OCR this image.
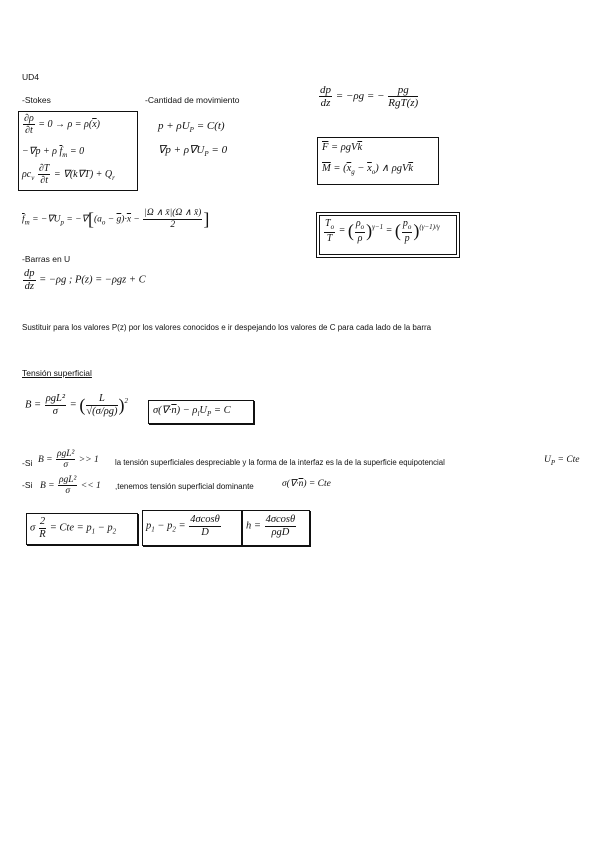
UD4
-Stokes	-Cantidad de movimiento	$\frac{dp}{dz} = -\rho g$ = − $\frac{pg}{\text{RgT(z)}}$
$\frac{\partial\rho}{\partial t} = 0 \to \rho = \rho(\overline{x})$
−∇p + ρ $\overline{f}_m = 0$
$\rho c_v \frac{\partial T}{\partial t} = \nabla(k\nabla T) + Q_r$
$p + \rho U_P = C(t)$
$\nabla p + \rho\nabla U_P = 0$	$\overline{F} = \rho gV\overline{k}$
$\overline{M} = (\overline{x}_g - \overline{x}_o)$ ∧ $\rho gV\overline{k}$
$\overline{f}_m = -\nabla U_p = -\nabla[(a_o - \overline{g})\cdot\overline{x} - \frac{|\Omega \wedge x̄|(\Omega \wedge x̄)}{2}$ ]	$\frac{T_o}{T}$ = ( $\frac{\rho_o}{\rho} )^{\gamma-1}$ = ( $\frac{p_o}{p} )^{(\gamma-1)/\gamma}$
-Barras en U
$\frac{dp}{dz} = -\rho g$ ; P(z) = −ρgz + C
Sustituir para los valores P(z) por los valores conocidos e ir despejando los valores de C para cada lado de la barra
Tensión superficial
$B = \frac{\text{ρgL²}}{\sigma}$ = ( $\frac{L}{√(\sigma/\rho g)} )^2$
$\sigma(\nabla\cdot\overline{n}) - \rho_lU_P = C$
-Si $B = \frac{\text{ρgL²}}{\sigma} >> 1$ la tensión superficiales despreciable y la forma de la interfaz es la de la superficie equipotencial	$U_P$ = Cte
-Si $B = \frac{\text{ρgL²}}{\sigma} << 1$ ,tenemos tensión superficial dominante	$\sigma(\nabla\cdot\overline{n})$ = Cte
σ $\frac{2}{R}$ = Cte = $p_1 - p_2$
$p_1 - p_2 = \frac{4\sigma\cos\theta}{D}$ $h = \frac{4\sigma\cos\theta}{\text{ρgD}}$
